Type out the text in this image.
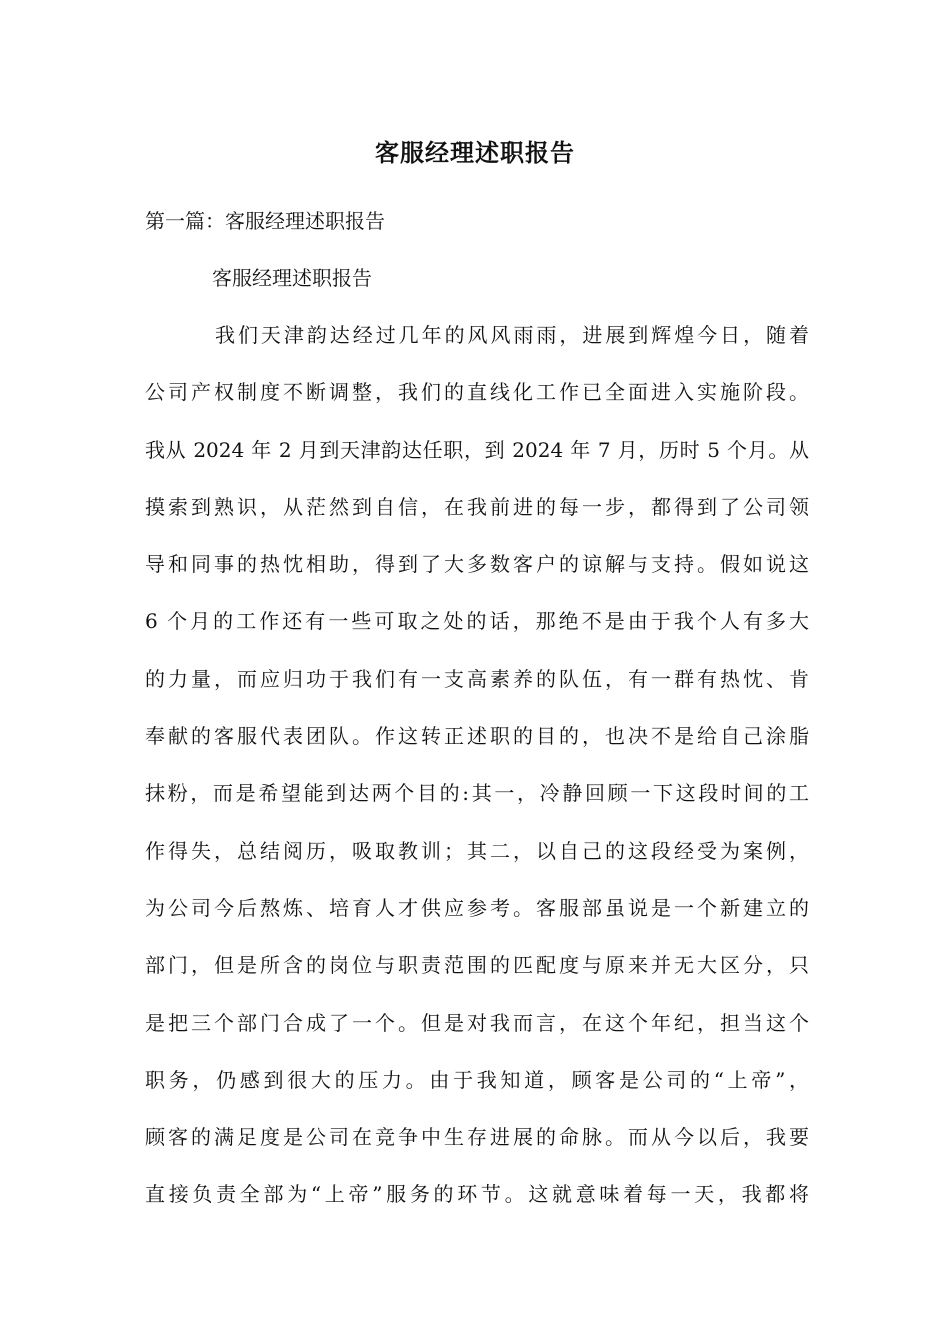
客服经理述职报告
第一篇：客服经理述职报告
客服经理述职报告
我们天津韵达经过几年的风风雨雨，进展到辉煌今日，随着
公司产权制度不断调整，我们的直线化工作已全面进入实施阶段。
我从 2024 年 2 月到天津韵达任职，到 2024 年 7 月，历时 5 个月。从
摸索到熟识，从茫然到自信，在我前进的每一步，都得到了公司领
导和同事的热忱相助，得到了大多数客户的谅解与支持。假如说这
6 个月的工作还有一些可取之处的话，那绝不是由于我个人有多大
的力量，而应归功于我们有一支高素养的队伍，有一群有热忱、肯
奉献的客服代表团队。作这转正述职的目的，也决不是给自己涂脂
抹粉，而是希望能到达两个目的:其一，冷静回顾一下这段时间的工
作得失，总结阅历，吸取教训；其二，以自己的这段经受为案例，
为公司今后熬炼、培育人才供应参考。客服部虽说是一个新建立的
部门，但是所含的岗位与职责范围的匹配度与原来并无大区分，只
是把三个部门合成了一个。但是对我而言，在这个年纪，担当这个
职务，仍感到很大的压力。由于我知道，顾客是公司的“上帝”，
顾客的满足度是公司在竞争中生存进展的命脉。而从今以后，我要
直接负责全部为“上帝”服务的环节。这就意味着每一天，我都将
